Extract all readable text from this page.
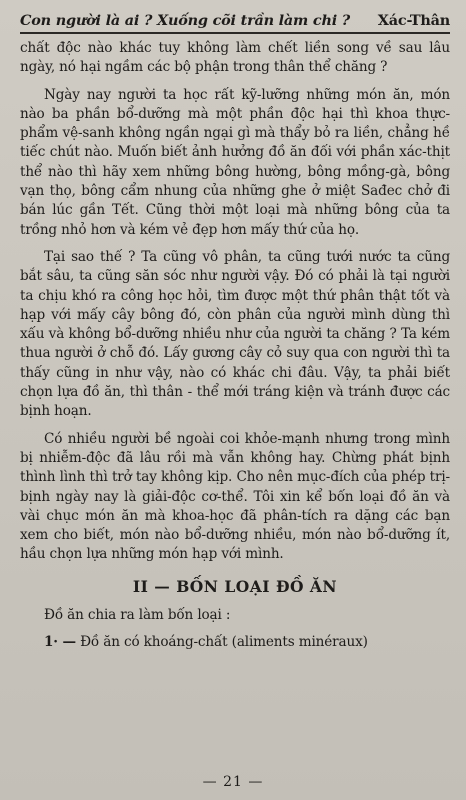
Con người là ai ? Xuống cõi trần làm chi ? Xác-Thân

chất độc nào khác tuy không làm chết liền song về sau lâu ngày, nó hại ngầm các bộ phận trong thân thể chăng ?

Ngày nay người ta học rất kỹ-lưỡng những món ăn, món nào ba phần bổ-dưỡng mà một phần độc hại thì khoa thực-phẩm vệ-sanh không ngần ngại gì mà thẩy bỏ ra liền, chẳng hề tiếc chút nào. Muốn biết ảnh hưởng đồ ăn đối với phần xác-thịt thể nào thì hãy xem những bông hường, bông mồng-gà, bông vạn thọ, bông cẩm nhung của những ghe ở miệt Sađec chở đi bán lúc gần Tết. Cũng thời một loại mà những bông của ta trồng nhỏ hơn và kém vẻ đẹp hơn mấy thứ của họ.

Tại sao thế ? Ta cũng vô phân, ta cũng tưới nước ta cũng bắt sâu, ta cũng săn sóc như người vậy. Đó có phải là tại người ta chịu khó ra công học hỏi, tìm được một thứ phân thật tốt và hạp với mấy cây bông đó, còn phân của người mình dùng thì xấu và không bổ-dưỡng nhiều như của người ta chăng ? Ta kém thua người ở chỗ đó. Lấy gương cây cỏ suy qua con người thì ta thấy cũng in như vậy, nào có khác chi đâu. Vậy, ta phải biết chọn lựa đồ ăn, thì thân - thể mới tráng kiện và tránh được các bịnh hoạn.

Có nhiều người bề ngoài coi khỏe-mạnh nhưng trong mình bị nhiễm-độc đã lâu rồi mà vẫn không hay. Chừng phát bịnh thình lình thì trở tay không kịp. Cho nên mục-đích của phép trị-bịnh ngày nay là giải-độc cơ-thể. Tôi xin kể bốn loại đồ ăn và vài chục món ăn mà khoa-học đã phân-tích ra dặng các bạn xem cho biết, món nào bổ-dưỡng nhiều, món nào bổ-dưỡng ít, hầu chọn lựa những món hạp với mình.

II — BỐN LOẠI ĐỒ ĂN

Đồ ăn chia ra làm bốn loại :

1· — Đồ ăn có khoáng-chất (aliments minéraux)

— 21 —
